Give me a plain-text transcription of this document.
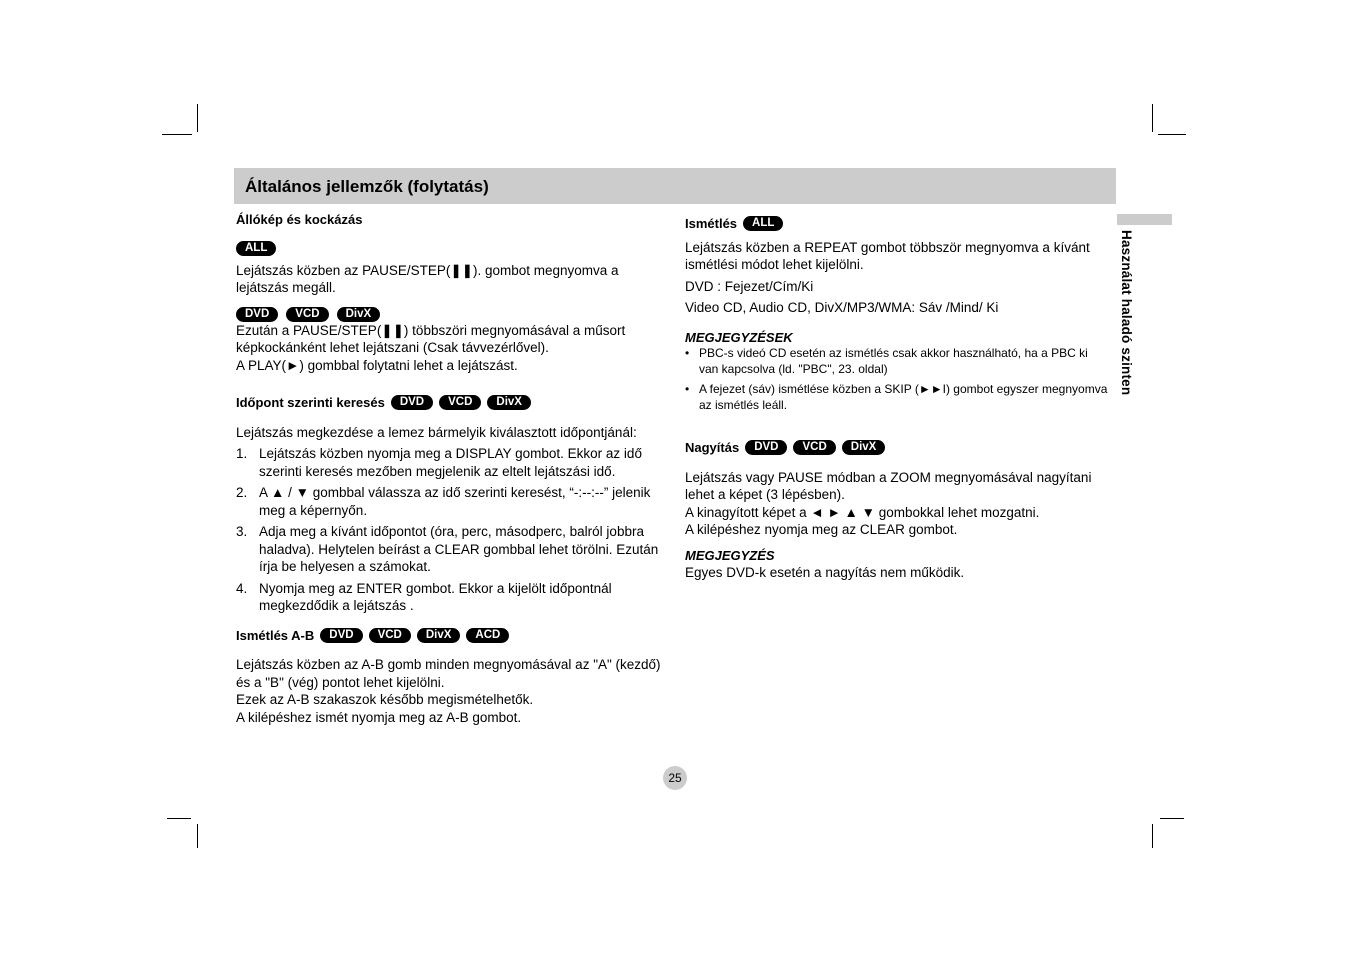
Általános jellemzők (folytatás)
Használat haladó szinten
Állókép és kockázás
ALL

Lejátszás közben az PAUSE/STEP(❚❚). gombot megnyomva a lejátszás megáll.

DVD	VCD	DivX

Ezután a PAUSE/STEP(❚❚) többszöri megnyomásával a műsort képkockánként lehet lejátszani (Csak távvezérlővel).

A PLAY(►) gombbal folytatni lehet a lejátszást.

Időpont szerinti keresés	DVD	VCD	DivX

Lejátszás megkezdése a lemez bármelyik kiválasztott időpontjánál:

1. Lejátszás közben nyomja meg a DISPLAY gombot. Ekkor az idő szerinti keresés mezőben megjelenik az eltelt lejátszási idő.
2. A ▲ / ▼ gombbal válassza az idő szerinti keresést, “-:--:--” jelenik meg a képernyőn.
3. Adja meg a kívánt időpontot (óra, perc, másodperc, balról jobbra haladva). Helytelen beírást a CLEAR gombbal lehet törölni. Ezután írja be helyesen a számokat.
4. Nyomja meg az ENTER gombot. Ekkor a kijelölt időpontnál megkezdődik a lejátszás .
Ismétlés A-B	DVD	VCD	DivX	ACD

Lejátszás közben az A-B gomb minden megnyomásával az "A" (kezdő) és a "B" (vég) pontot lehet kijelölni.

Ezek az A-B szakaszok később megismételhetők.

A kilépéshez ismét nyomja meg az A-B gombot.

Ismétlés	ALL

Lejátszás közben a REPEAT gombot többször megnyomva a kívánt ismétlési módot lehet kijelölni.

DVD : Fejezet/Cím/Ki

Video CD, Audio CD, DivX/MP3/WMA: Sáv /Mind/ Ki

MEGJEGYZÉSEK

• PBC-s videó CD esetén az ismétlés csak akkor használható, ha a PBC ki van kapcsolva (ld. "PBC", 23. oldal)
• A fejezet (sáv) ismétlése közben a SKIP (►►I) gombot egyszer megnyomva az ismétlés leáll.
Nagyítás	DVD	VCD	DivX

Lejátszás vagy PAUSE módban a ZOOM megnyomásával nagyítani lehet a képet (3 lépésben).

A kinagyított képet a ◄ ► ▲ ▼ gombokkal lehet mozgatni.

A kilépéshez nyomja meg az CLEAR gombot.

MEGJEGYZÉS

Egyes DVD-k esetén a nagyítás nem működik.

25
